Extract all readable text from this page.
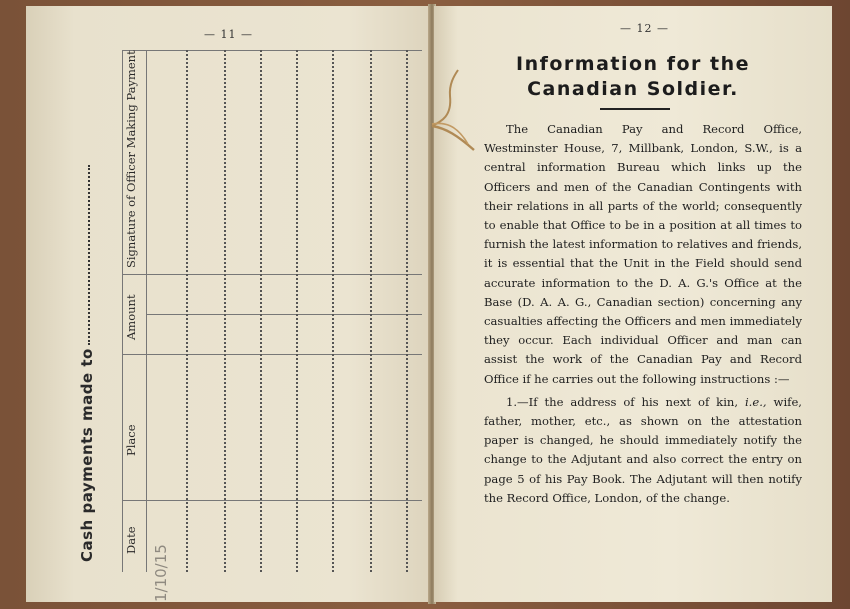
— 11 —
Cash payments made to Date
Place
Amount
Signature of Officer Making Payment
1/10/15
— 12 —
Information for the
Canadian Soldier.

The Canadian Pay and Record Office, Westminster House, 7, Millbank, London, S.W., is a central information Bureau which links up the Officers and men of the Canadian Contingents with their relations in all parts of the world; consequently to enable that Office to be in a position at all times to furnish the latest information to relatives and friends, it is essential that the Unit in the Field should send accurate information to the D. A. G.'s Office at the Base (D. A. A. G., Canadian section) concerning any casualties affecting the Officers and men immediately they occur. Each individual Officer and man can assist the work of the Canadian Pay and Record Office if he carries out the following instructions :—

1.—If the address of his next of kin, i.e., wife, father, mother, etc., as shown on the attestation paper is changed, he should immediately notify the change to the Adjutant and also correct the entry on page 5 of his Pay Book. The Adjutant will then notify the Record Office, London, of the change.
